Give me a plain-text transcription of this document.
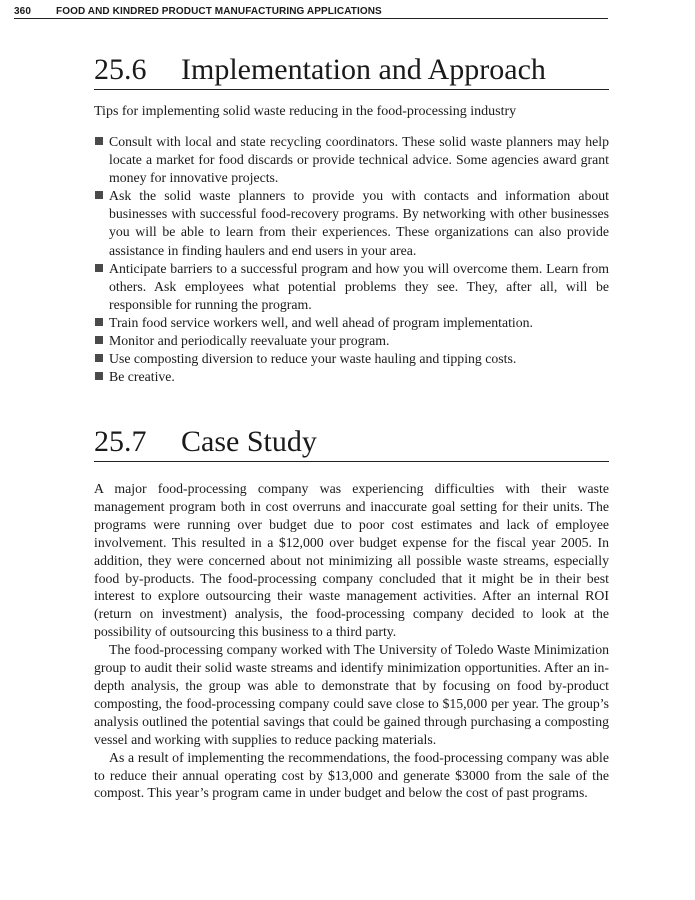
360	FOOD AND KINDRED PRODUCT MANUFACTURING APPLICATIONS
25.6 Implementation and Approach
Tips for implementing solid waste reducing in the food-processing industry
Consult with local and state recycling coordinators. These solid waste planners may help locate a market for food discards or provide technical advice. Some agencies award grant money for innovative projects.
Ask the solid waste planners to provide you with contacts and information about businesses with successful food-recovery programs. By networking with other businesses you will be able to learn from their experiences. These organizations can also provide assistance in finding haulers and end users in your area.
Anticipate barriers to a successful program and how you will overcome them. Learn from others. Ask employees what potential problems they see. They, after all, will be responsible for running the program.
Train food service workers well, and well ahead of program implementation.
Monitor and periodically reevaluate your program.
Use composting diversion to reduce your waste hauling and tipping costs.
Be creative.
25.7 Case Study

A major food-processing company was experiencing difficulties with their waste management program both in cost overruns and inaccurate goal setting for their units. The programs were running over budget due to poor cost estimates and lack of employee involvement. This resulted in a $12,000 over budget expense for the fiscal year 2005. In addition, they were concerned about not minimizing all possible waste streams, especially food by-products. The food-processing company concluded that it might be in their best interest to explore outsourcing their waste management activities. After an internal ROI (return on investment) analysis, the food-processing company decided to look at the possibility of outsourcing this business to a third party.

The food-processing company worked with The University of Toledo Waste Minimization group to audit their solid waste streams and identify minimization opportunities. After an in-depth analysis, the group was able to demonstrate that by focusing on food by-product composting, the food-processing company could save close to $15,000 per year. The group’s analysis outlined the potential savings that could be gained through purchasing a composting vessel and working with supplies to reduce packing materials.

As a result of implementing the recommendations, the food-processing company was able to reduce their annual operating cost by $13,000 and generate $3000 from the sale of the compost. This year’s program came in under budget and below the cost of past programs.
